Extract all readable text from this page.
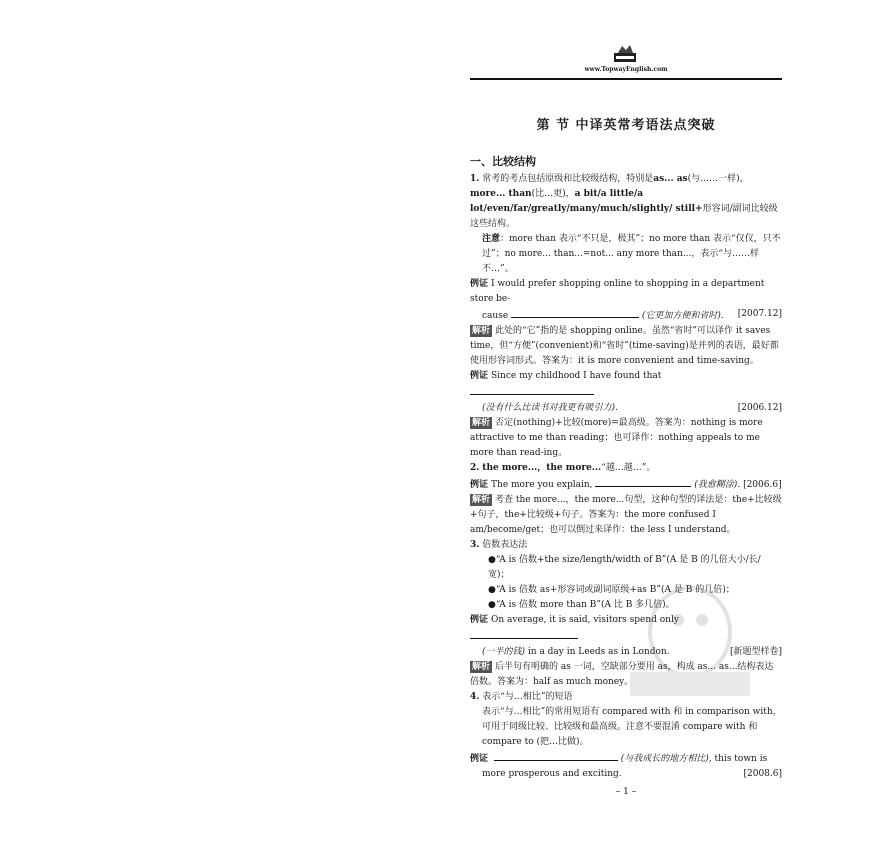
www.TopwayEnglish.com
第 节 中译英常考语法点突破
一、比较结构
1. 常考的考点包括原级和比较级结构，特别是as... as(与……一样)，more... than(比…更)，a bit/a little/a lot/even/far/greatly/many/much/slightly/ still+形容词/副词比较级这些结构。
注意：more than 表示“不只是，极其”；no more than 表示“仅仅，只不过”；no more... than...=not... any more than...，表示“与……样不…”。
例证 I would prefer shopping online to shopping in a department store be-
cause	(它更加方便和省时). [2007.12]
解析 此处的“它”指的是 shopping online。虽然“省时”可以译作 it saves time，但“方便”(convenient)和“省时”(time-saving)是并列的表语，最好都使用形容词形式。答案为：it is more convenient and time-saving。
例证 Since my childhood I have found that
(没有什么比读书对我更有吸引力).	[2006.12]
解析 否定(nothing)+比较(more)=最高级。答案为：nothing is more attractive to me than reading；也可译作：nothing appeals to me more than read-ing。
2. the more...，the more...“越…越…”。
例证 The more you explain,	(我愈糊涂). [2006.6]
解析 考查 the more...，the more...句型，这种句型的译法是：the+比较级+句子，the+比较级+句子。答案为：the more confused I am/become/get；也可以倒过来译作：the less I understand。
3. 倍数表达法
●“A is 倍数+the size/length/width of B”(A 是 B 的几倍大小/长/宽)；
●“A is 倍数 as+形容词或副词原级+as B”(A 是 B 的几倍)；
●“A is 倍数 more than B”(A 比 B 多几倍)。
例证 On average, it is said, visitors spend only
(一半的钱) in a day in Leeds as in London.	[新题型样卷]
解析 后半句有明确的 as 一词，空缺部分要用 as，构成 as... as...结构表达倍数。答案为：half as much money。
4. 表示“与…相比”的短语
表示“与…相比”的常用短语有 compared with 和 in comparison with，可用于同级比较、比较级和最高级。注意不要混淆 compare with 和 compare to (把…比做)。
例证	(与我成长的地方相比), this town is
more prosperous and exciting.	[2008.6]
– 1 –
